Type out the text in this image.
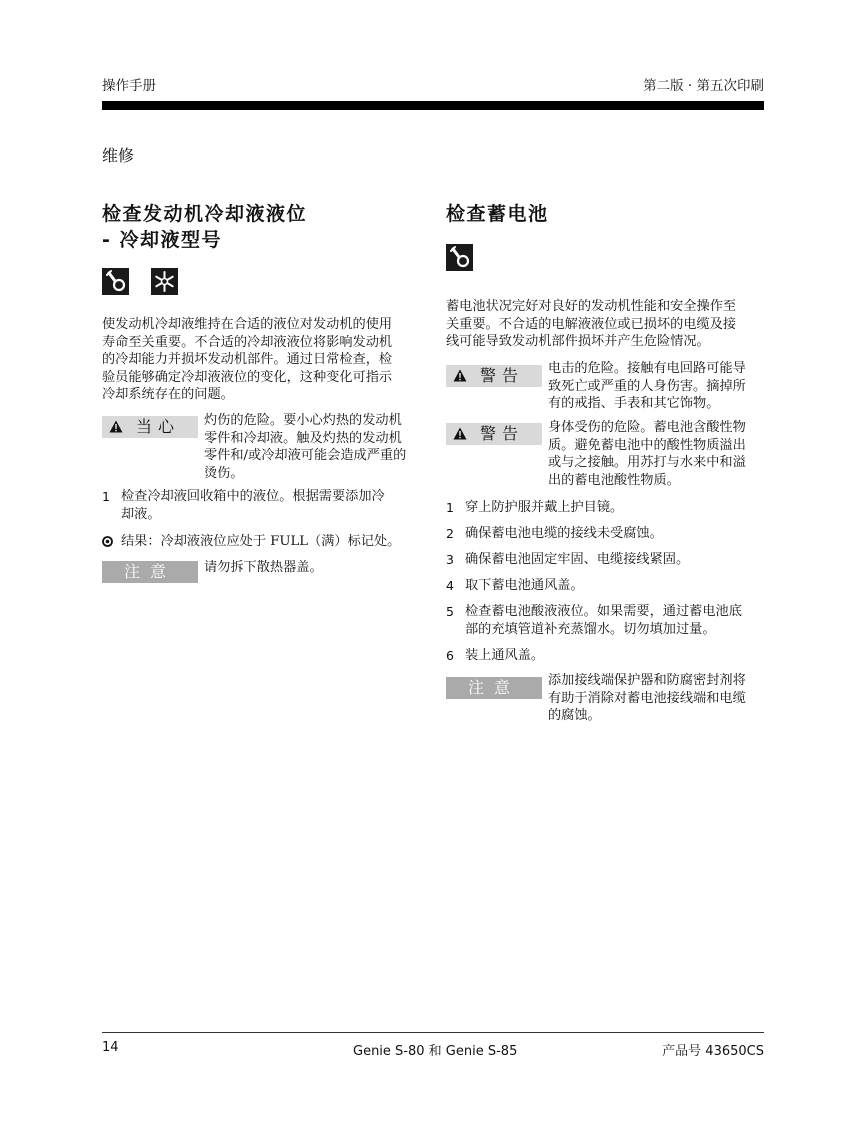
操作手册	第二版 · 第五次印刷
维修
检查发动机冷却液液位
- 冷却液型号
使发动机冷却液维持在合适的液位对发动机的使用
寿命至关重要。不合适的冷却液液位将影响发动机
的冷却能力并损坏发动机部件。通过日常检查，检
验员能够确定冷却液液位的变化，这种变化可指示
冷却系统存在的问题。
当心 灼伤的危险。要小心灼热的发动机
零件和冷却液。触及灼热的发动机
零件和/或冷却液可能会造成严重的
烫伤。
1 检查冷却液回收箱中的液位。根据需要添加冷
却液。
结果：冷却液液位应处于 FULL（满）标记处。
注意 请勿拆下散热器盖。
检查蓄电池
蓄电池状况完好对良好的发动机性能和安全操作至
关重要。不合适的电解液液位或已损坏的电缆及接
线可能导致发动机部件损坏并产生危险情况。
警告 电击的危险。接触有电回路可能导
致死亡或严重的人身伤害。摘掉所
有的戒指、手表和其它饰物。
警告 身体受伤的危险。蓄电池含酸性物
质。避免蓄电池中的酸性物质溢出
或与之接触。用苏打与水来中和溢
出的蓄电池酸性物质。
1 穿上防护服并戴上护目镜。
2 确保蓄电池电缆的接线未受腐蚀。
3 确保蓄电池固定牢固、电缆接线紧固。
4 取下蓄电池通风盖。
5 检查蓄电池酸液液位。如果需要，通过蓄电池底
部的充填管道补充蒸馏水。切勿填加过量。
6 装上通风盖。
注意 添加接线端保护器和防腐密封剂将
有助于消除对蓄电池接线端和电缆
的腐蚀。
14	Genie S-80 和 Genie S-85	产品号 43650CS
